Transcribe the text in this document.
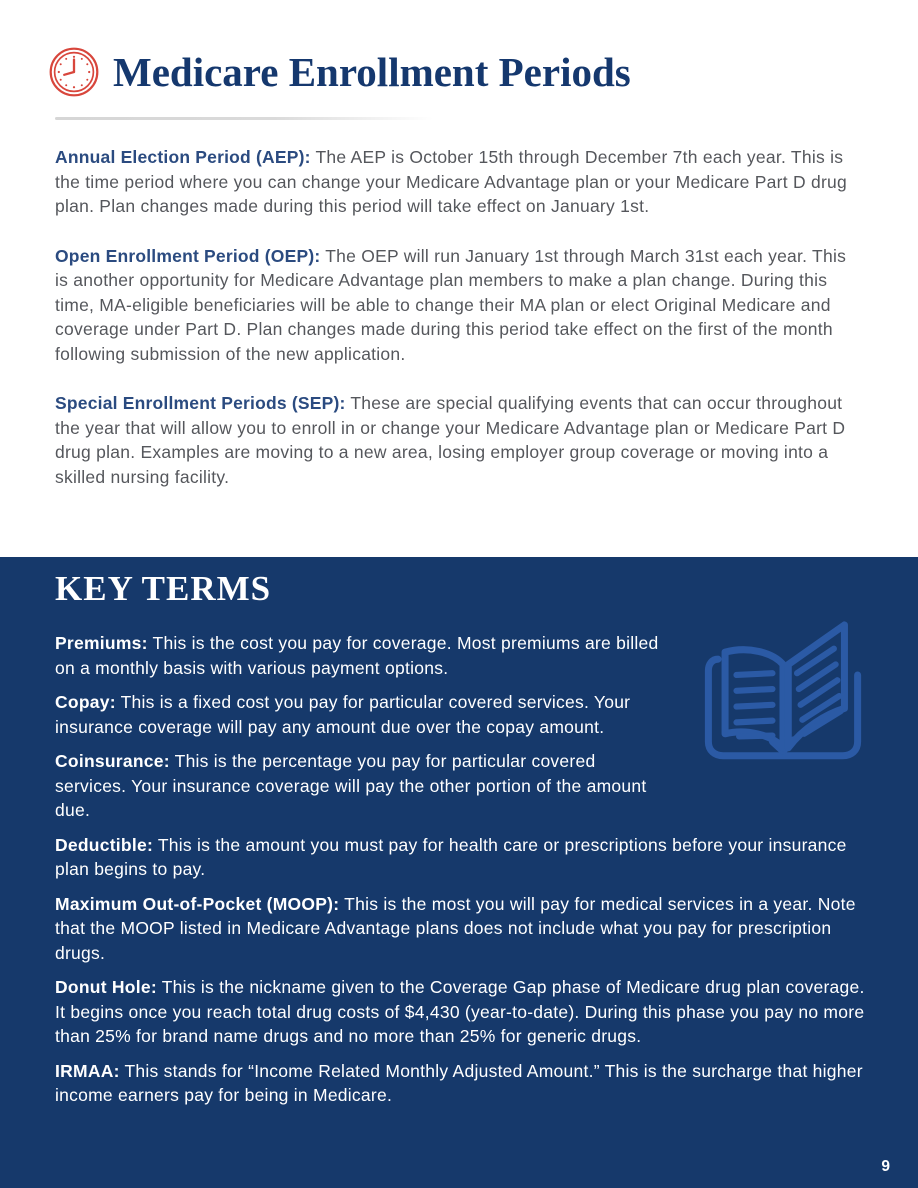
Medicare Enrollment Periods

Annual Election Period (AEP): The AEP is October 15th through December 7th each year. This is the time period where you can change your Medicare Advantage plan or your Medicare Part D drug plan. Plan changes made during this period will take effect on January 1st.

Open Enrollment Period (OEP): The OEP will run January 1st through March 31st each year. This is another opportunity for Medicare Advantage plan members to make a plan change. During this time, MA-eligible beneficiaries will be able to change their MA plan or elect Original Medicare and coverage under Part D. Plan changes made during this period take effect on the first of the month following submission of the new application.

Special Enrollment Periods (SEP): These are special qualifying events that can occur throughout the year that will allow you to enroll in or change your Medicare Advantage plan or Medicare Part D drug plan. Examples are moving to a new area, losing employer group coverage or moving into a skilled nursing facility.

KEY TERMS

Premiums: This is the cost you pay for coverage. Most premiums are billed on a monthly basis with various payment options.

Copay: This is a fixed cost you pay for particular covered services. Your insurance coverage will pay any amount due over the copay amount.

Coinsurance: This is the percentage you pay for particular covered services. Your insurance coverage will pay the other portion of the amount due.

Deductible: This is the amount you must pay for health care or prescriptions before your insurance plan begins to pay.

Maximum Out-of-Pocket (MOOP): This is the most you will pay for medical services in a year. Note that the MOOP listed in Medicare Advantage plans does not include what you pay for prescription drugs.

Donut Hole: This is the nickname given to the Coverage Gap phase of Medicare drug plan coverage. It begins once you reach total drug costs of $4,430 (year-to-date). During this phase you pay no more than 25% for brand name drugs and no more than 25% for generic drugs.

IRMAA: This stands for “Income Related Monthly Adjusted Amount.” This is the surcharge that higher income earners pay for being in Medicare.

9
